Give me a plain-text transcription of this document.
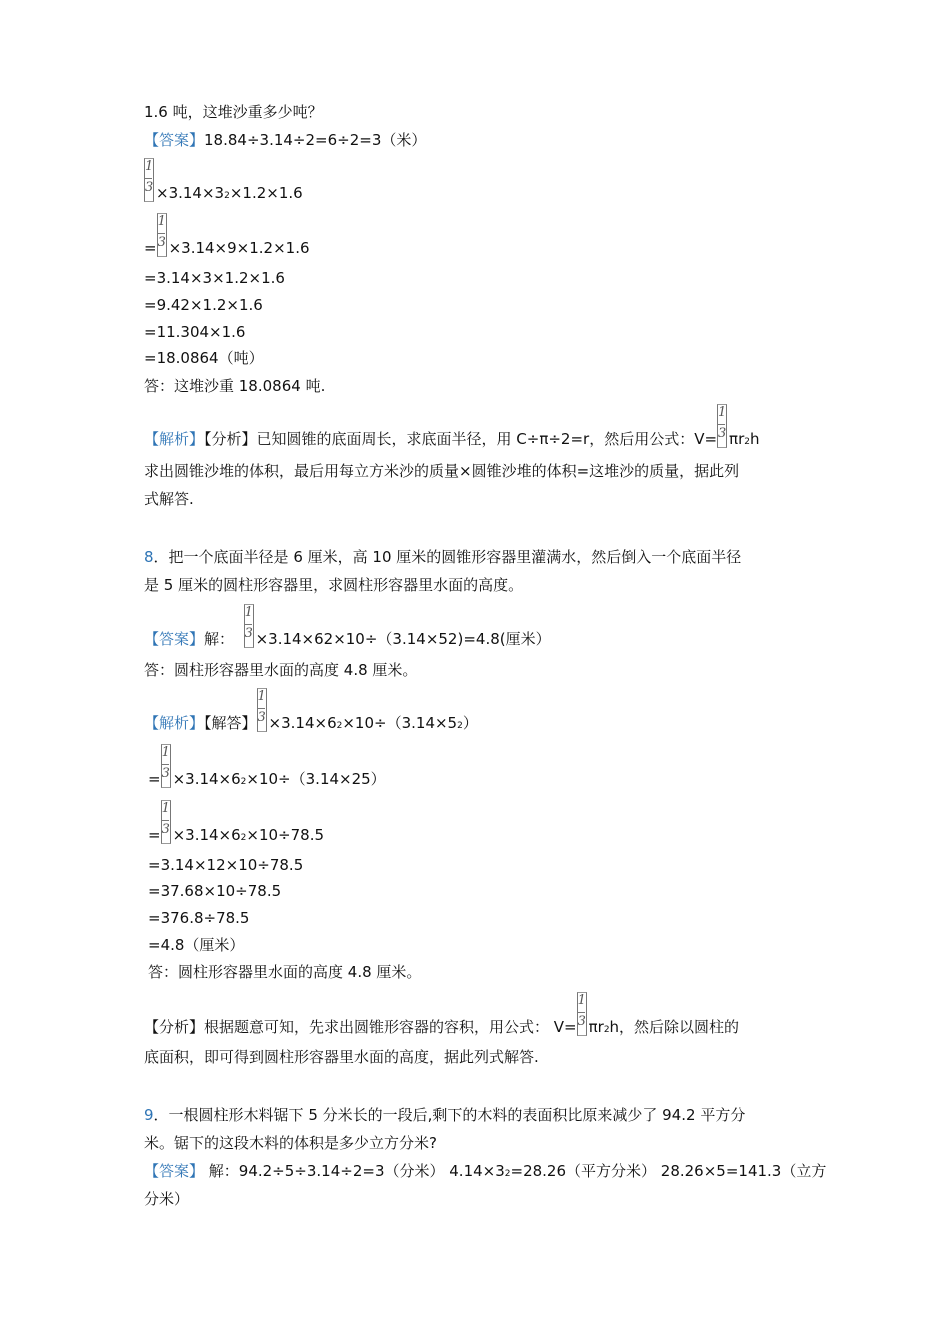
1.6 吨，这堆沙重多少吨？
【答案】18.84÷3.14÷2=6÷2=3（米）
$\frac{1}{3} \times 3.14\times 32\times 1.2\times 1.6$
= $\frac{1}{3} \times 3.14\times 9\times 1.2\times 1.6$
=3.14×3×1.2×1.6
=9.42×1.2×1.6
=11.304×1.6
=18.0864（吨）
答：这堆沙重 18.0864 吨.
【解析】【分析】已知圆锥的底面周长，求底面半径，用 C÷π÷2=r，然后用公式：$V= \frac{1}{3} \pi r2h$
求出圆锥沙堆的体积，最后用每立方米沙的质量×圆锥沙堆的体积=这堆沙的质量，据此列
式解答.
8．把一个底面半径是 6 厘米，高 10 厘米的圆锥形容器里灌满水，然后倒入一个底面半径
是 5 厘米的圆柱形容器里，求圆柱形容器里水面的高度。
【答案】解： $\frac{1}{3} \times 3.14\times 62\times 10\div(3.14\times 52)=4.8$(厘米）
答：圆柱形容器里水面的高度 4.8 厘米。
【解析】【解答】 $\frac{1}{3} \times 3.14\times 62\times 10\div(3.14\times 52)$
= $\frac{1}{3} \times 3.14\times 62\times 10\div(3.14\times 25)$
= $\frac{1}{3} \times 3.14\times 62\times 10\div 78.5$
=3.14×12×10÷78.5
=37.68×10÷78.5
=376.8÷78.5
=4.8（厘米）
答：圆柱形容器里水面的高度 4.8 厘米。
【分析】根据题意可知，先求出圆锥形容器的容积，用公式： $V= \frac{1}{3} \pi r2h$，然后除以圆柱的
底面积，即可得到圆柱形容器里水面的高度，据此列式解答.
9．一根圆柱形木料锯下 5 分米长的一段后,剩下的木料的表面积比原来减少了 94.2 平方分
米。锯下的这段木料的体积是多少立方分米?
【答案】 解：94.2÷5÷3.14÷2=3（分米） 4.14×32=28.26（平方分米） 28.26×5=141.3（立方
分米）
